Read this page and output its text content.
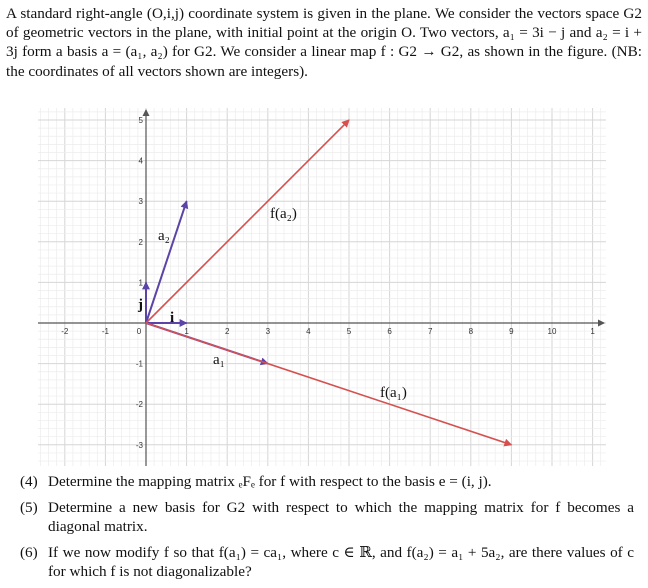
A standard right-angle (O,i,j) coordinate system is given in the plane. We consider the vectors space G2 of geometric vectors in the plane, with initial point at the origin O. Two vectors, a₁ = 3i − j and a₂ = i + 3j form a basis a = (a₁, a₂) for G2. We consider a linear map f : G2 → G2, as shown in the figure. (NB: the coordinates of all vectors shown are integers).

-2	-1	0	1	2	3	4	5	6	7	8	9	10	1
5
4
3
2
1
-1
-2
-3
i
j
a₁
a₂
f(a₁)
f(a₂)
(4) Determine the mapping matrix ₑFₑ for f with respect to the basis e = (i, j).
(5) Determine a new basis for G2 with respect to which the mapping matrix for f becomes a diagonal matrix.
(6) If we now modify f so that f(a₁) = ca₁, where c ∈ ℝ, and f(a₂) = a₁ + 5a₂, are there values of c for which f is not diagonalizable?
